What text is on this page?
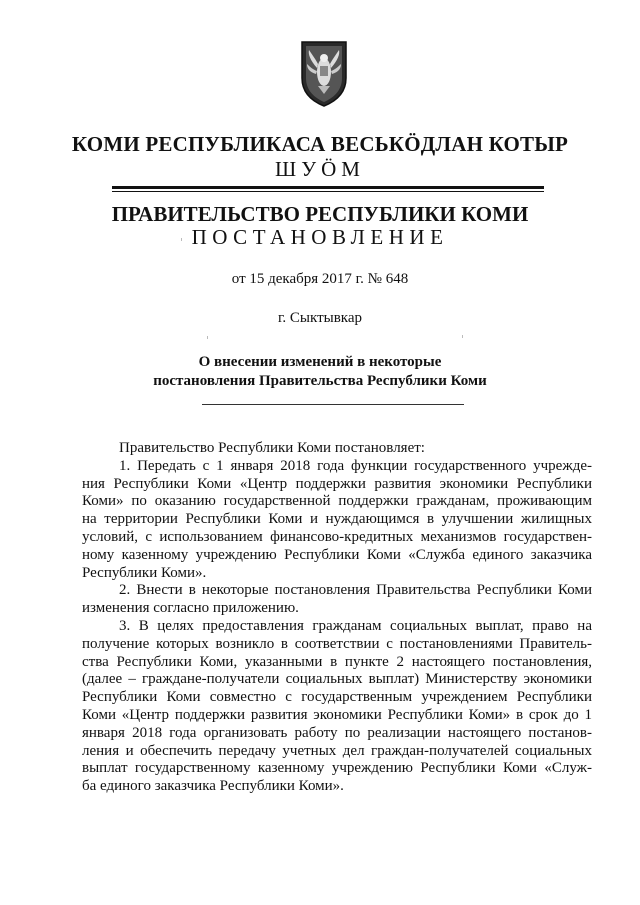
КОМИ РЕСПУБЛИКАСА ВЕСЬКӦДЛАН КОТЫР
ШУӦМ
ПРАВИТЕЛЬСТВО РЕСПУБЛИКИ КОМИ
ПОСТАНОВЛЕНИЕ
от 15 декабря 2017 г. № 648
г. Сыктывкар
О внесении изменений в некоторые
постановления Правительства Республики Коми
Правительство Республики Коми постановляет:
1. Передать с 1 января 2018 года функции государственного учрежде-
ния Республики Коми «Центр поддержки развития экономики Республики
Коми» по оказанию государственной поддержки гражданам, проживающим
на территории Республики Коми и нуждающимся в улучшении жилищных
условий, с использованием финансово-кредитных механизмов государствен-
ному казенному учреждению Республики Коми «Служба единого заказчика
Республики Коми».
2. Внести в некоторые постановления Правительства Республики Коми
изменения согласно приложению.
3. В целях предоставления гражданам социальных выплат, право на
получение которых возникло в соответствии с постановлениями Правитель-
ства Республики Коми, указанными в пункте 2 настоящего постановления,
(далее – граждане-получатели социальных выплат) Министерству экономики
Республики Коми совместно с государственным учреждением Республики
Коми «Центр поддержки развития экономики Республики Коми» в срок до 1
января 2018 года организовать работу по реализации настоящего постанов-
ления и обеспечить передачу учетных дел граждан-получателей социальных
выплат государственному казенному учреждению Республики Коми «Служ-
ба единого заказчика Республики Коми».
